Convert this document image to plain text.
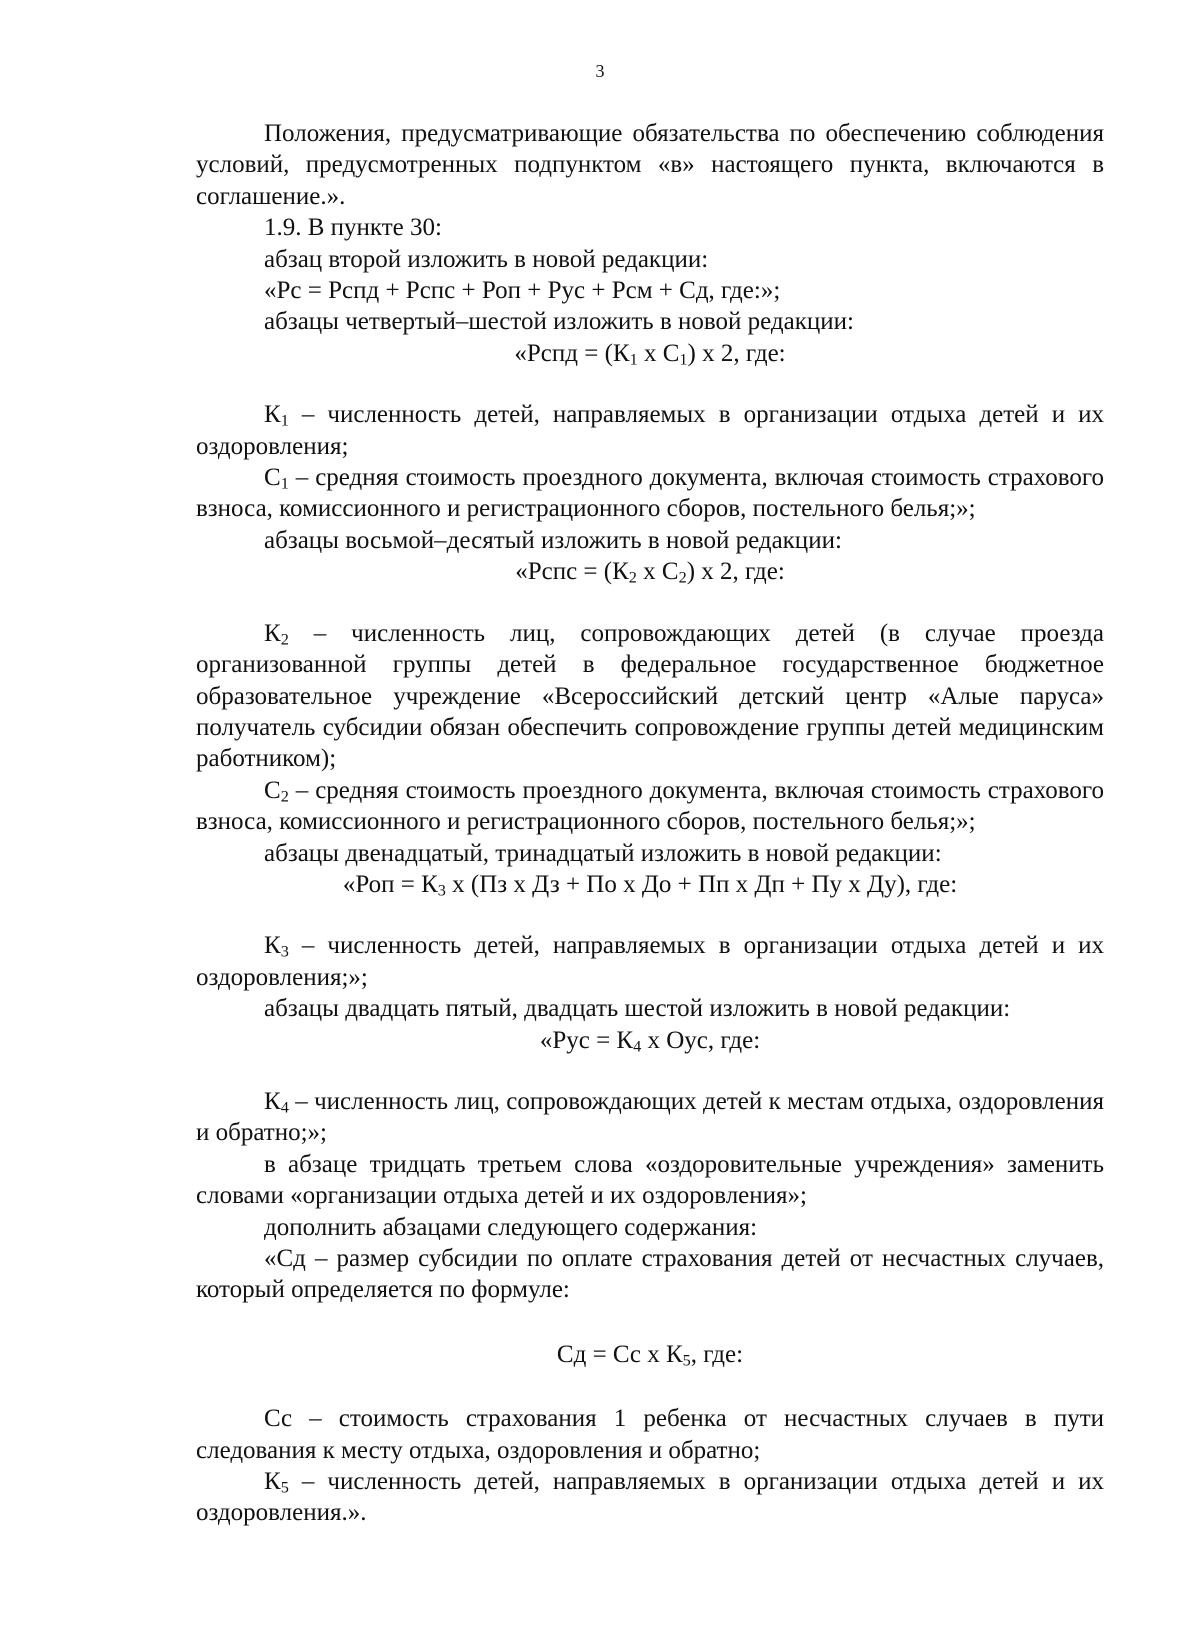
3

Положения, предусматривающие обязательства по обеспечению соблюдения условий, предусмотренных подпунктом «в» настоящего пункта, включаются в соглашение.».

1.9. В пункте 30:

абзац второй изложить в новой редакции:

«Рс = Рспд + Рспс + Роп + Рус + Рсм + Сд, где:»;

абзацы четвертый–шестой изложить в новой редакции:

«Рспд = ($К_1$ х $С_1$) х 2, где:

$К_1$ – численность детей, направляемых в организации отдыха детей и их оздоровления;

$С_1$ – средняя стоимость проездного документа, включая стоимость страхового взноса, комиссионного и регистрационного сборов, постельного белья;»;

абзацы восьмой–десятый изложить в новой редакции:

«Рспс = ($К_2$ х $С_2$) х 2, где:

$К_2$ – численность лиц, сопровождающих детей (в случае проезда организованной группы детей в федеральное государственное бюджетное образовательное учреждение «Всероссийский детский центр «Алые паруса» получатель субсидии обязан обеспечить сопровождение группы детей медицинским работником);

$С_2$ – средняя стоимость проездного документа, включая стоимость страхового взноса, комиссионного и регистрационного сборов, постельного белья;»;

абзацы двенадцатый, тринадцатый изложить в новой редакции:

«Роп = $К_3$ х (Пз х Дз + По х До + Пп х Дп + Пу х Ду), где:

$К_3$ – численность детей, направляемых в организации отдыха детей и их оздоровления;»;

абзацы двадцать пятый, двадцать шестой изложить в новой редакции:

«Рус = $К_4$ х Оус, где:

$К_4$ – численность лиц, сопровождающих детей к местам отдыха, оздоровления и обратно;»;

в абзаце тридцать третьем слова «оздоровительные учреждения» заменить словами «организации отдыха детей и их оздоровления»;

дополнить абзацами следующего содержания:

«Сд – размер субсидии по оплате страхования детей от несчастных случаев, который определяется по формуле:

Сд = Сс х $К_5$, где:

Сс – стоимость страхования 1 ребенка от несчастных случаев в пути следования к месту отдыха, оздоровления и обратно;

$К_5$ – численность детей, направляемых в организации отдыха детей и их оздоровления.».
